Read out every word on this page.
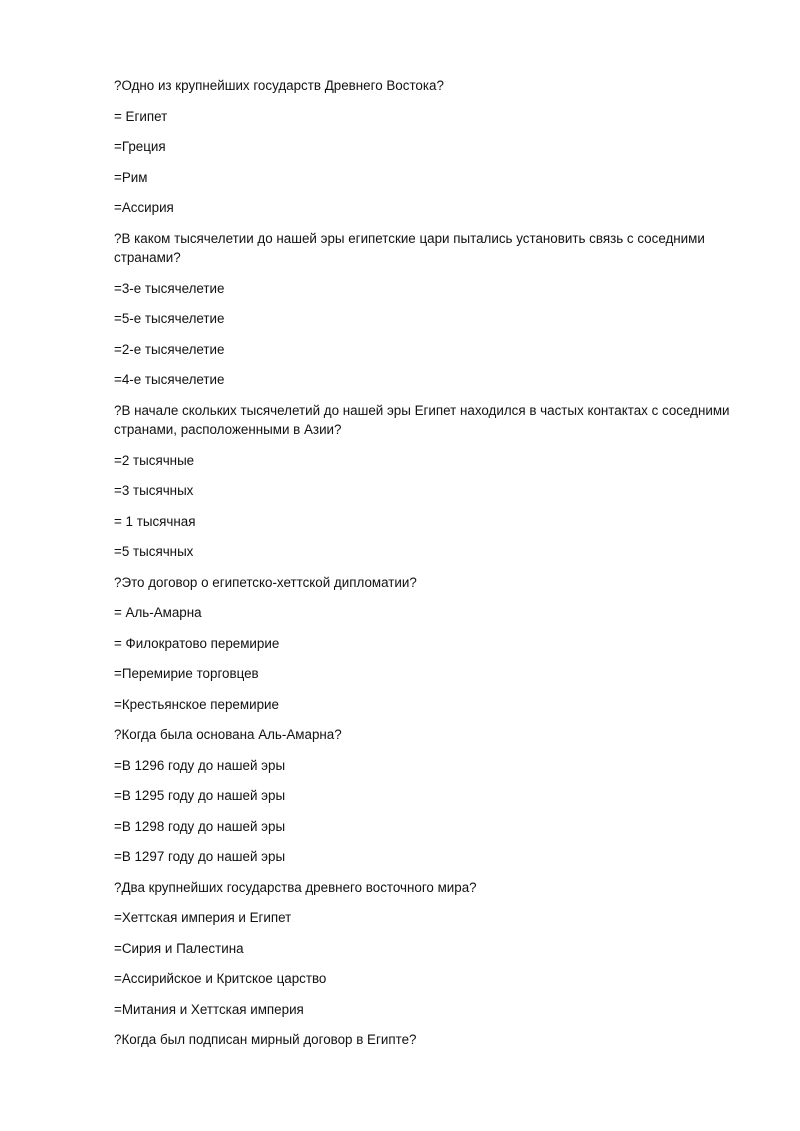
?Одно из крупнейших государств Древнего Востока?

= Египет

=Греция

=Рим

=Ассирия

?В каком тысячелетии до нашей эры египетские цари пытались установить связь с соседними странами?

=3-е тысячелетие

=5-е тысячелетие

=2-е тысячелетие

=4-е тысячелетие

?В начале скольких тысячелетий до нашей эры Египет находился в частых контактах с соседними странами, расположенными в Азии?

=2 тысячные

=3 тысячных

= 1 тысячная

=5 тысячных

?Это договор о египетско-хеттской дипломатии?

= Аль-Амарна

= Филократово перемирие

=Перемирие торговцев

=Крестьянское перемирие

?Когда была основана Аль-Амарна?

=В 1296 году до нашей эры

=В 1295 году до нашей эры

=В 1298 году до нашей эры

=В 1297 году до нашей эры

?Два крупнейших государства древнего восточного мира?

=Хеттская империя и Египет

=Сирия и Палестина

=Ассирийское и Критское царство

=Митания и Хеттская империя

?Когда был подписан мирный договор в Египте?
